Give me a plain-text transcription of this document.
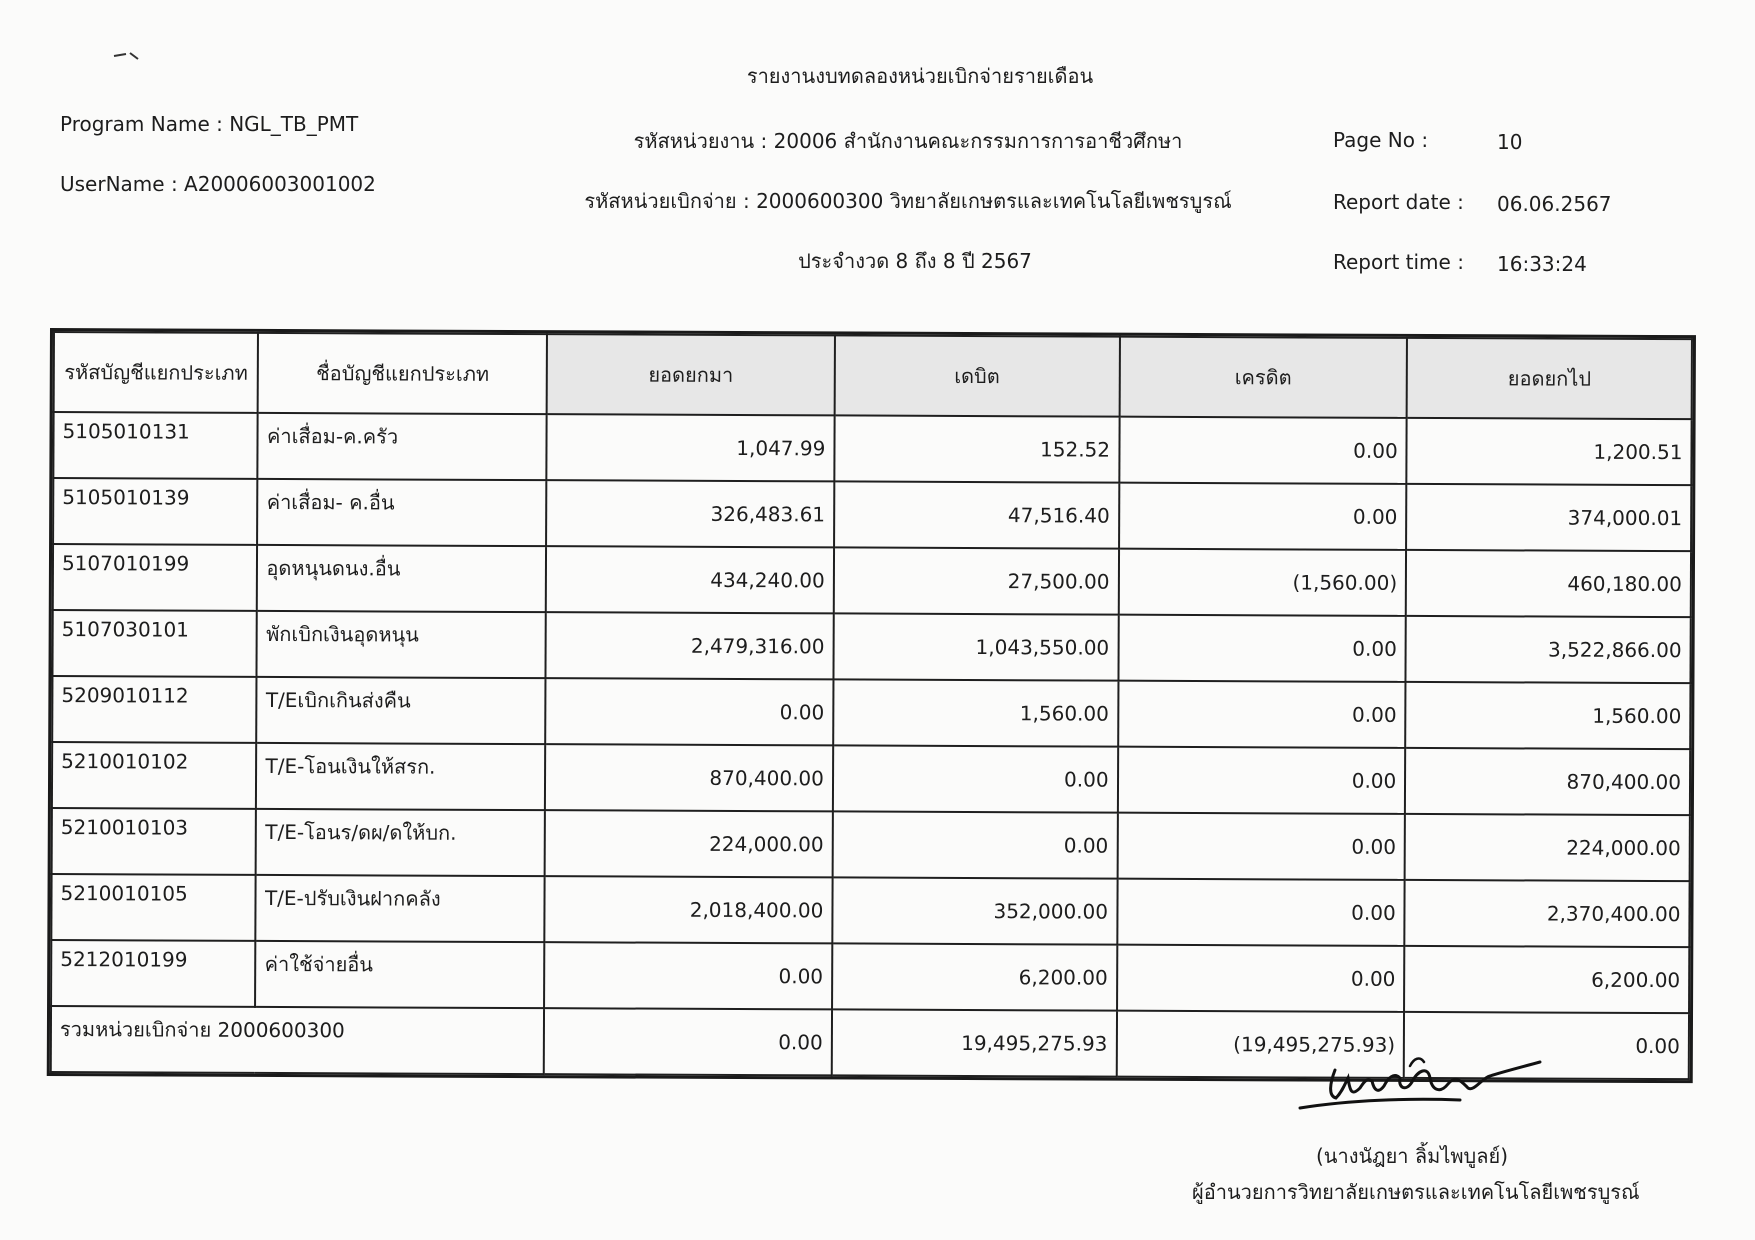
รายงานงบทดลองหน่วยเบิกจ่ายรายเดือน
Program Name : NGL_TB_PMT
UserName : A20006003001002
รหัสหน่วยงาน : 20006 สำนักงานคณะกรรมการการอาชีวศึกษา
รหัสหน่วยเบิกจ่าย : 2000600300 วิทยาลัยเกษตรและเทคโนโลยีเพชรบูรณ์
ประจำงวด 8 ถึง 8 ปี 2567
Page No :	10
Report date : 06.06.2567
Report time : 16:33:24
รหัสบัญชีแยกประเภท	ชื่อบัญชีแยกประเภท	ยอดยกมา	เดบิต	เครดิต	ยอดยกไป
5105010131	ค่าเสื่อม-ค.ครัว	1,047.99	152.52	0.00	1,200.51
5105010139	ค่าเสื่อม- ค.อื่น	326,483.61	47,516.40	0.00	374,000.01
5107010199	อุดหนุนดนง.อื่น	434,240.00	27,500.00	(1,560.00)	460,180.00
5107030101	พักเบิกเงินอุดหนุน	2,479,316.00	1,043,550.00	0.00	3,522,866.00
5209010112	T/Eเบิกเกินส่งคืน	0.00	1,560.00	0.00	1,560.00
5210010102	T/E-โอนเงินให้สรก.	870,400.00	0.00	0.00	870,400.00
5210010103	T/E-โอนร/ดผ/ดให้บก.	224,000.00	0.00	0.00	224,000.00
5210010105	T/E-ปรับเงินฝากคลัง	2,018,400.00	352,000.00	0.00	2,370,400.00
5212010199	ค่าใช้จ่ายอื่น	0.00	6,200.00	0.00	6,200.00
รวมหน่วยเบิกจ่าย 2000600300		0.00	19,495,275.93	(19,495,275.93)	0.00
(นางนัฎยา ลิ้มไพบูลย์)
ผู้อำนวยการวิทยาลัยเกษตรและเทคโนโลยีเพชรบูรณ์
